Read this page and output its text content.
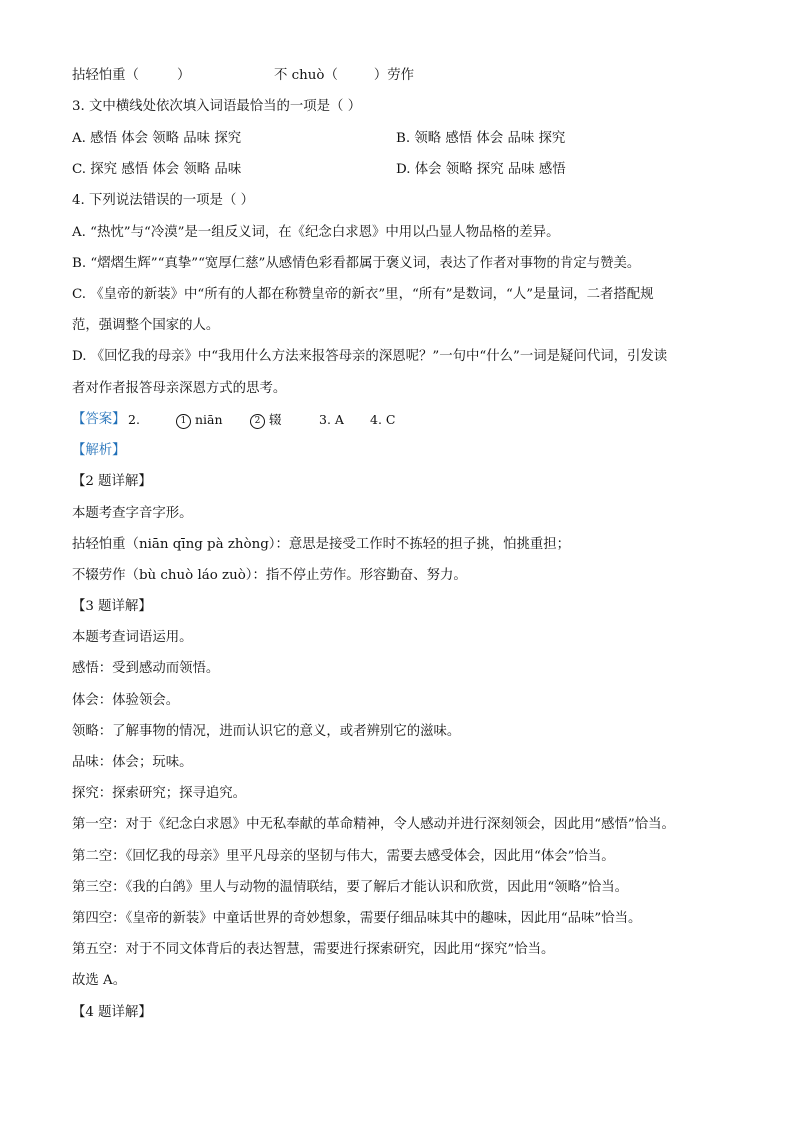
拈轻怕重（	）	不 chuò（	）劳作
3. 文中横线处依次填入词语最恰当的一项是（ ）
A. 感悟 体会 领略 品味 探究	B. 领略 感悟 体会 品味 探究
C. 探究 感悟 体会 领略 品味	D. 体会 领略 探究 品味 感悟
4. 下列说法错误的一项是（ ）
A. “热忱”与“冷漠”是一组反义词，在《纪念白求恩》中用以凸显人物品格的差异。
B. “熠熠生辉”“真挚”“宽厚仁慈”从感情色彩看都属于褒义词，表达了作者对事物的肯定与赞美。
C. 《皇帝的新装》中“所有的人都在称赞皇帝的新衣”里，“所有”是数词，“人”是量词，二者搭配规
范，强调整个国家的人。
D. 《回忆我的母亲》中“我用什么方法来报答母亲的深恩呢？”一句中“什么”一词是疑问代词，引发读
者对作者报答母亲深恩方式的思考。
【答案】 2.	1 niān	2 辍	3. A 4. C
【解析】
【2 题详解】
本题考查字音字形。
拈轻怕重（niān qīng pà zhòng）：意思是接受工作时不拣轻的担子挑，怕挑重担；
不辍劳作（bù chuò láo zuò）：指不停止劳作。形容勤奋、努力。
【3 题详解】
本题考查词语运用。
感悟：受到感动而领悟。
体会：体验领会。
领略：了解事物的情况，进而认识它的意义，或者辨别它的滋味。
品味：体会；玩味。
探究：探索研究；探寻追究。
第一空：对于《纪念白求恩》中无私奉献的革命精神，令人感动并进行深刻领会，因此用“感悟”恰当。
第二空：《回忆我的母亲》里平凡母亲的坚韧与伟大，需要去感受体会，因此用“体会”恰当。
第三空：《我的白鸽》里人与动物的温情联结，要了解后才能认识和欣赏，因此用“领略”恰当。
第四空：《皇帝的新装》中童话世界的奇妙想象，需要仔细品味其中的趣味，因此用“品味”恰当。
第五空：对于不同文体背后的表达智慧，需要进行探索研究，因此用“探究”恰当。
故选 A。
【4 题详解】
